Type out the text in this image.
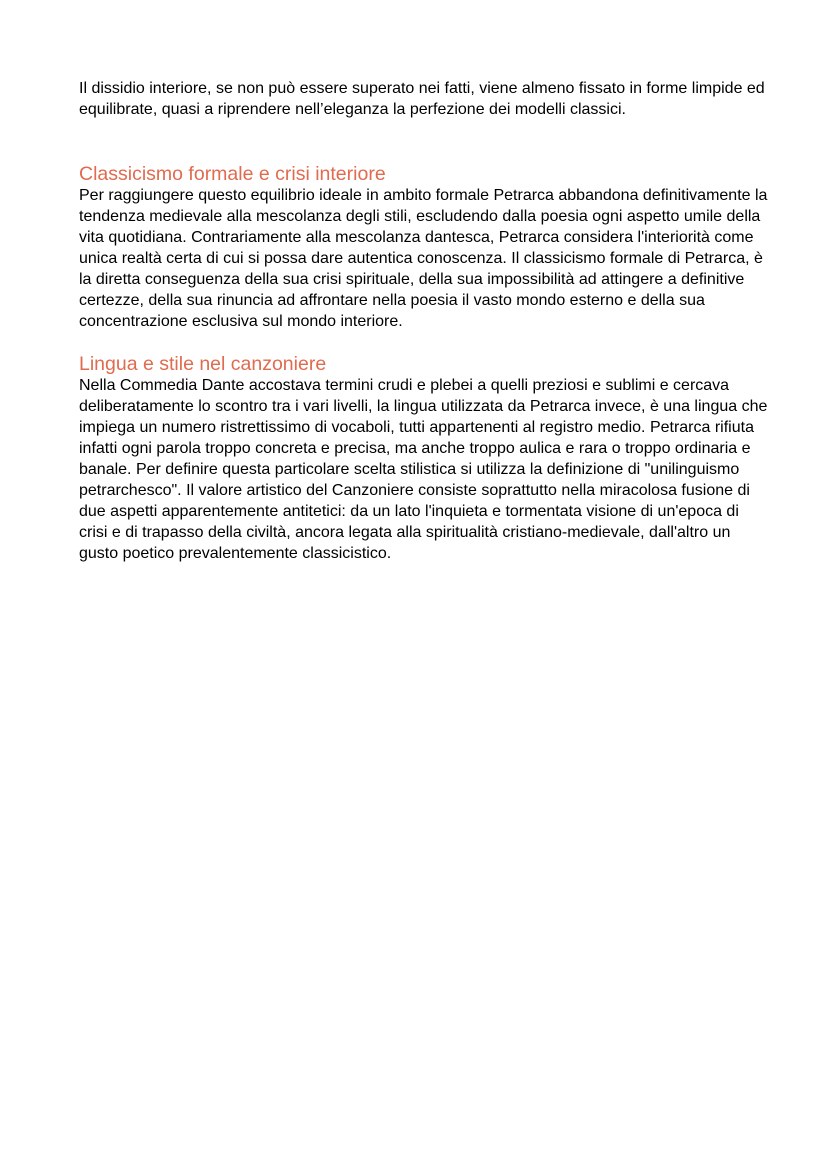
Il dissidio interiore, se non può essere superato nei fatti, viene almeno fissato in forme limpide ed equilibrate, quasi a riprendere nell’eleganza la perfezione dei modelli classici.

Classicismo formale e crisi interiore

Per raggiungere questo equilibrio ideale in ambito formale Petrarca abbandona definitivamente la tendenza medievale alla mescolanza degli stili, escludendo dalla poesia ogni aspetto umile della vita quotidiana. Contrariamente alla mescolanza dantesca, Petrarca considera l'interiorità come unica realtà certa di cui si possa dare autentica conoscenza. Il classicismo formale di Petrarca, è la diretta conseguenza della sua crisi spirituale, della sua impossibilità ad attingere a definitive certezze, della sua rinuncia ad affrontare nella poesia il vasto mondo esterno e della sua concentrazione esclusiva sul mondo interiore.

Lingua e stile nel canzoniere

Nella Commedia Dante accostava termini crudi e plebei a quelli preziosi e sublimi e cercava deliberatamente lo scontro tra i vari livelli, la lingua utilizzata da Petrarca invece, è una lingua che impiega un numero ristrettissimo di vocaboli, tutti appartenenti al registro medio. Petrarca rifiuta infatti ogni parola troppo concreta e precisa, ma anche troppo aulica e rara o troppo ordinaria e banale. Per definire questa particolare scelta stilistica si utilizza la definizione di "unilinguismo petrarchesco". Il valore artistico del Canzoniere consiste soprattutto nella miracolosa fusione di due aspetti apparentemente antitetici: da un lato l'inquieta e tormentata visione di un'epoca di crisi e di trapasso della civiltà, ancora legata alla spiritualità cristiano-medievale, dall'altro un gusto poetico prevalentemente classicistico.
